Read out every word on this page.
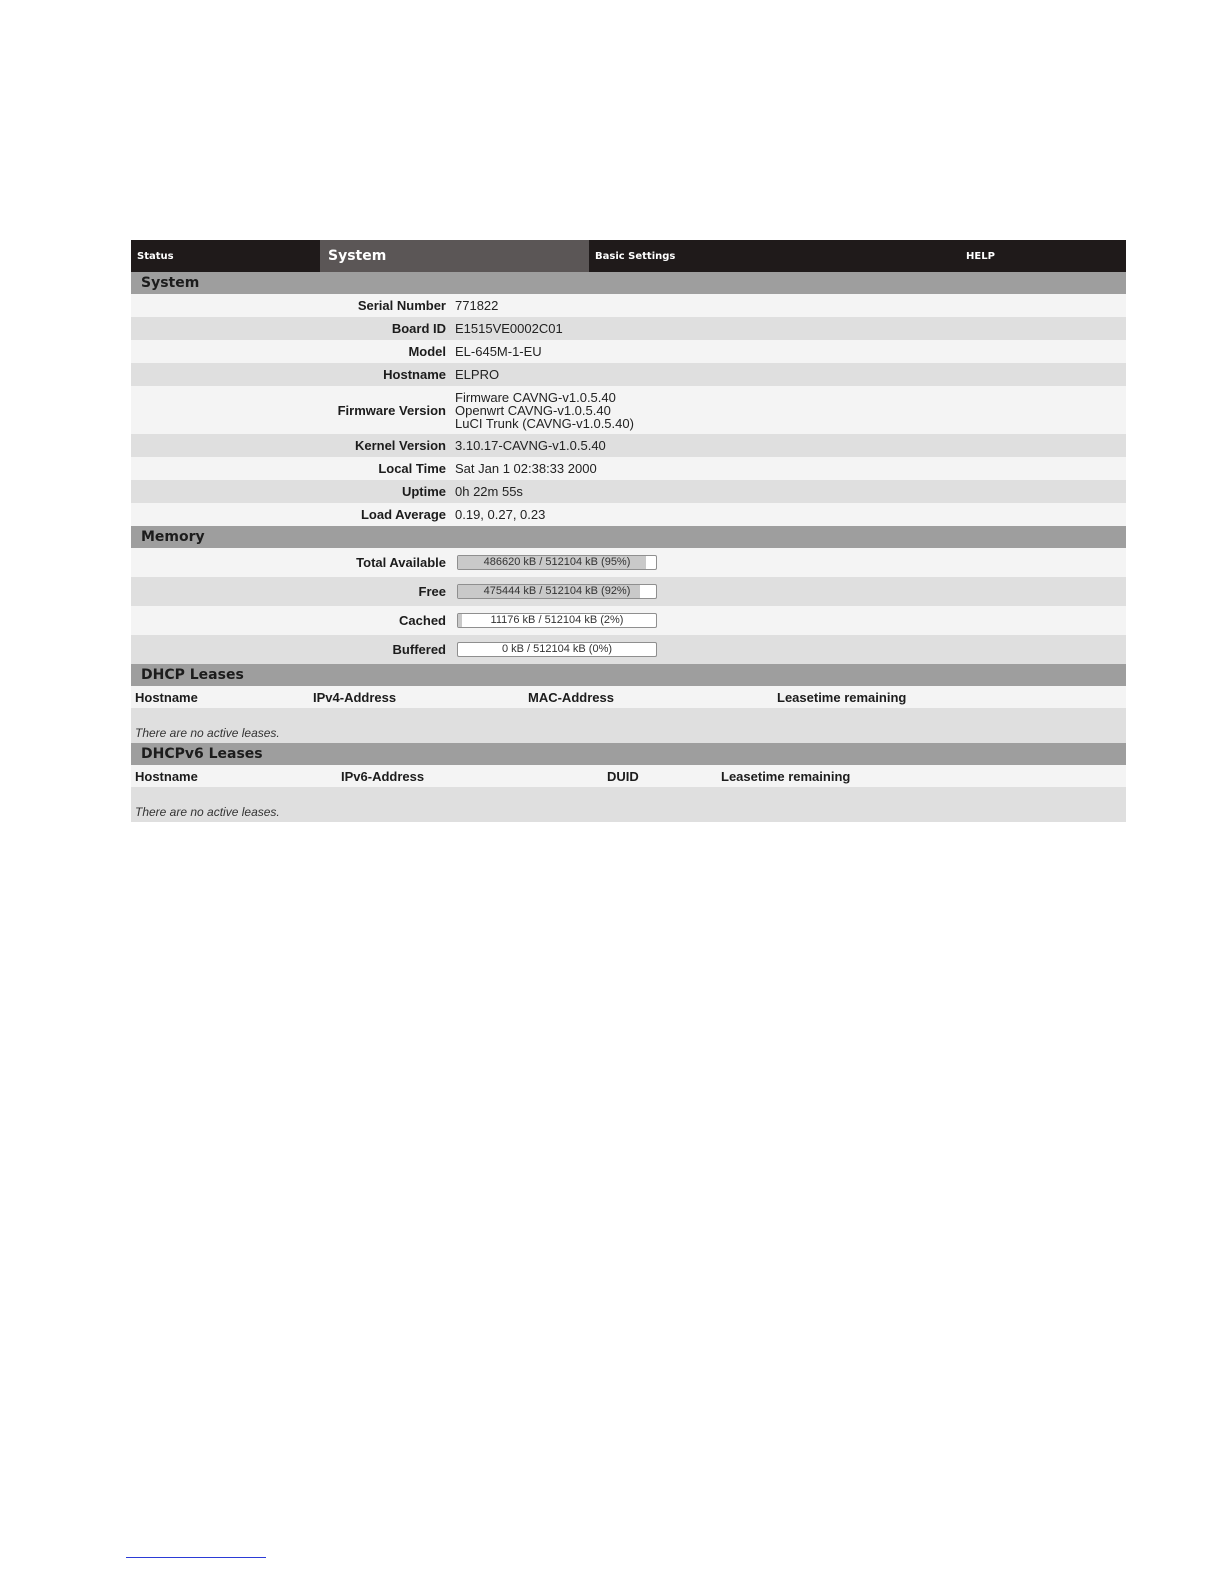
Status	System	Basic Settings	HELP
System
Serial Number 771822
Board ID E1515VE0002C01
Model EL-645M-1-EU
Hostname ELPRO
Firmware Version
Firmware CAVNG-v1.0.5.40
Openwrt CAVNG-v1.0.5.40
LuCI Trunk (CAVNG-v1.0.5.40)
Kernel Version 3.10.17-CAVNG-v1.0.5.40
Local Time Sat Jan 1 02:38:33 2000
Uptime 0h 22m 55s
Load Average 0.19, 0.27, 0.23
Memory
Total Available	486620 kB / 512104 kB (95%)
Free	475444 kB / 512104 kB (92%)
Cached	11176 kB / 512104 kB (2%)
Buffered	0 kB / 512104 kB (0%)
DHCP Leases
Hostname	IPv4-Address	MAC-Address	Leasetime remaining
There are no active leases.
DHCPv6 Leases
Hostname	IPv6-Address	DUID	Leasetime remaining
There are no active leases.
